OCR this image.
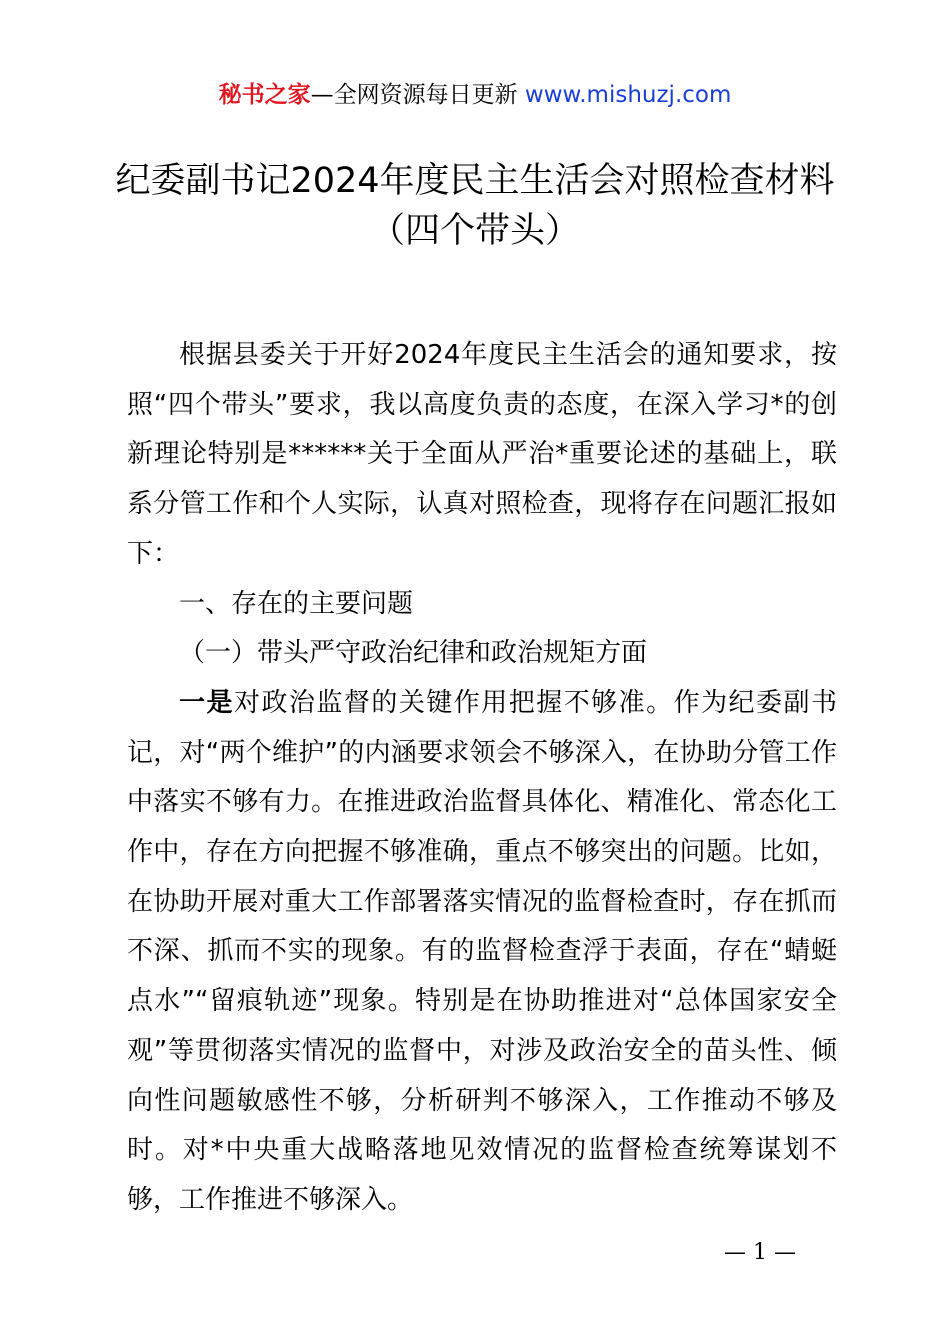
秘书之家—全网资源每日更新 www.mishuzj.com
纪委副书记2024年度民主生活会对照检查材料（四个带头）

根据县委关于开好2024年度民主生活会的通知要求，按照“四个带头”要求，我以高度负责的态度，在深入学习*的创新理论特别是******关于全面从严治*重要论述的基础上，联系分管工作和个人实际，认真对照检查，现将存在问题汇报如下：

一、存在的主要问题

（一）带头严守政治纪律和政治规矩方面

一是对政治监督的关键作用把握不够准。作为纪委副书记，对“两个维护”的内涵要求领会不够深入，在协助分管工作中落实不够有力。在推进政治监督具体化、精准化、常态化工作中，存在方向把握不够准确，重点不够突出的问题。比如，在协助开展对重大工作部署落实情况的监督检查时，存在抓而不深、抓而不实的现象。有的监督检查浮于表面，存在“蜻蜓点水”“留痕轨迹”现象。特别是在协助推进对“总体国家安全观”等贯彻落实情况的监督中，对涉及政治安全的苗头性、倾向性问题敏感性不够，分析研判不够深入，工作推动不够及时。对*中央重大战略落地见效情况的监督检查统筹谋划不够，工作推进不够深入。

— 1 —
